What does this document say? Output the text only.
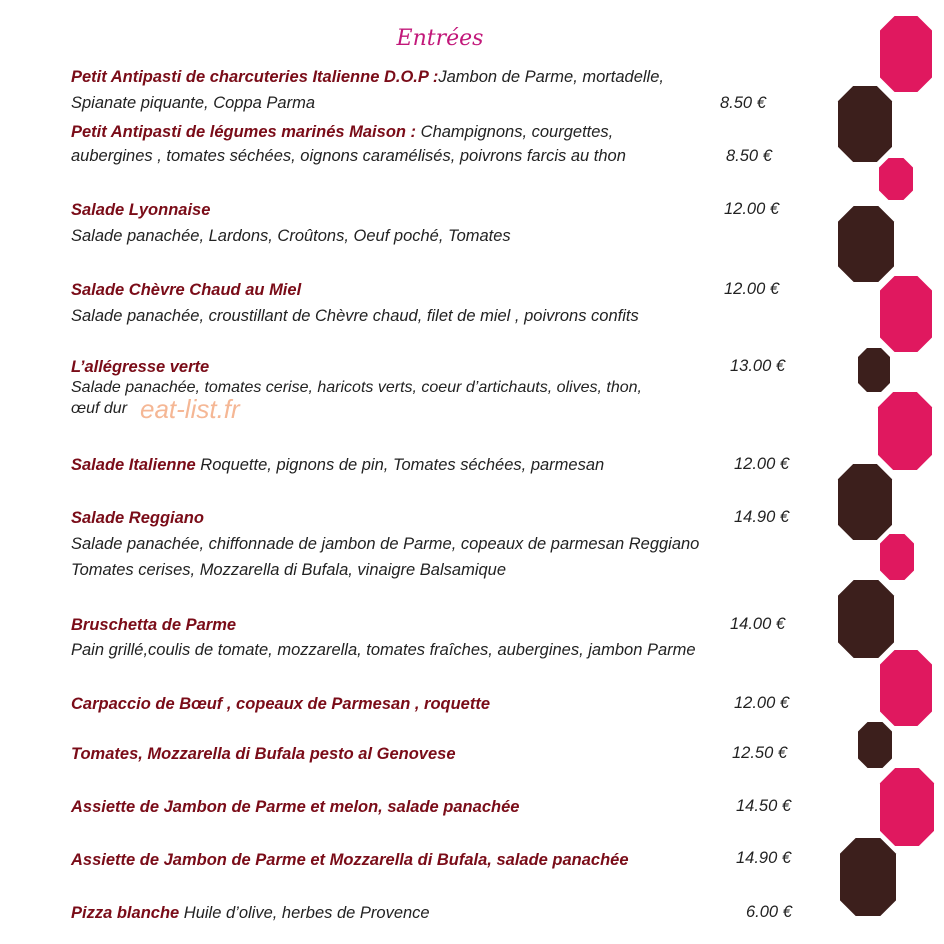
Entrées
Petit Antipasti de charcuteries Italienne D.O.P :Jambon de Parme, mortadelle,
Spianate piquante, Coppa Parma	8.50 €
Petit Antipasti de légumes marinés Maison : Champignons, courgettes,
aubergines , tomates séchées, oignons caramélisés, poivrons farcis au thon	8.50 €
Salade Lyonnaise	12.00 €
Salade panachée, Lardons, Croûtons, Oeuf poché, Tomates
Salade Chèvre Chaud au Miel	12.00 €
Salade panachée, croustillant de Chèvre chaud, filet de miel , poivrons confits
L’allégresse verte	13.00 €
Salade panachée, tomates cerise, haricots verts, coeur d’artichauts, olives, thon,
œuf dur eat-list.fr
Salade Italienne Roquette, pignons de pin, Tomates séchées, parmesan	12.00 €
Salade Reggiano	14.90 €
Salade panachée, chiffonnade de jambon de Parme, copeaux de parmesan Reggiano
Tomates cerises, Mozzarella di Bufala, vinaigre Balsamique
Bruschetta de Parme	14.00 €
Pain grillé,coulis de tomate, mozzarella, tomates fraîches, aubergines, jambon Parme
Carpaccio de Bœuf , copeaux de Parmesan , roquette	12.00 €
Tomates, Mozzarella di Bufala pesto al Genovese	12.50 €
Assiette de Jambon de Parme et melon, salade panachée	14.50 €
Assiette de Jambon de Parme et Mozzarella di Bufala, salade panachée	14.90 €
Pizza blanche Huile d’olive, herbes de Provence	6.00 €
